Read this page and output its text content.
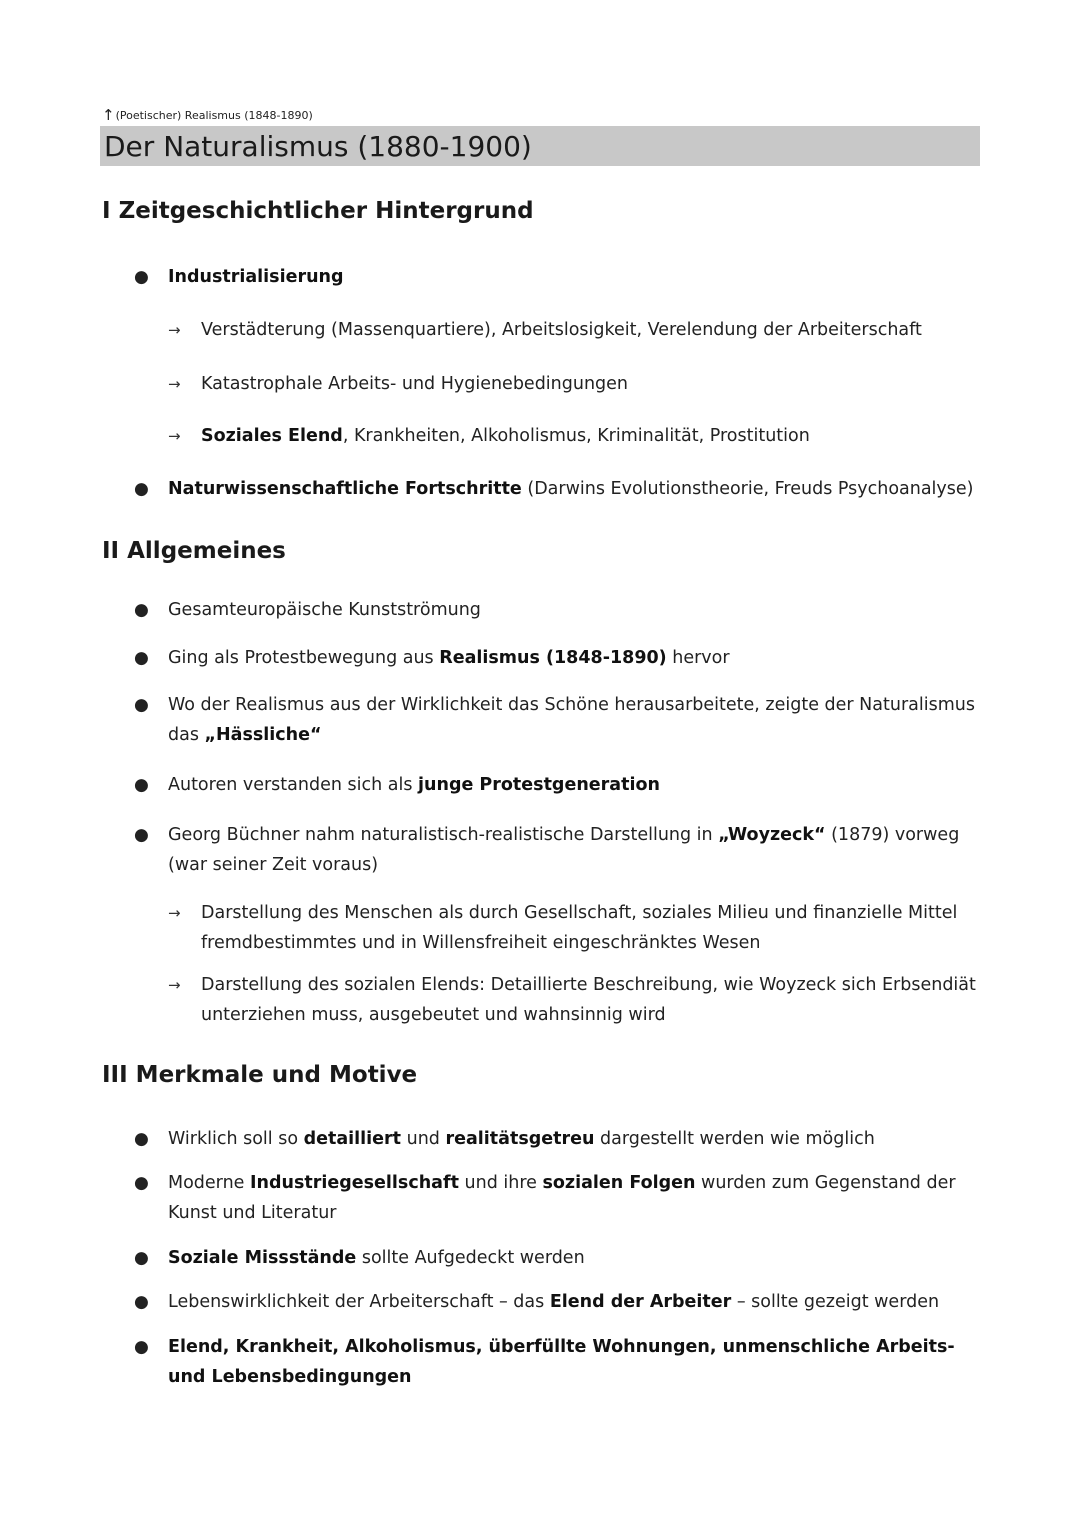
↑(Poetischer) Realismus (1848-1890)
Der Naturalismus (1880-1900)
I Zeitgeschichtlicher Hintergrund
● Industrialisierung
→ Verstädterung (Massenquartiere), Arbeitslosigkeit, Verelendung der Arbeiterschaft
→ Katastrophale Arbeits- und Hygienebedingungen
→ Soziales Elend, Krankheiten, Alkoholismus, Kriminalität, Prostitution
● Naturwissenschaftliche Fortschritte (Darwins Evolutionstheorie, Freuds Psychoanalyse)
II Allgemeines
● Gesamteuropäische Kunstströmung
● Ging als Protestbewegung aus Realismus (1848-1890) hervor
● Wo der Realismus aus der Wirklichkeit das Schöne herausarbeitete, zeigte der Naturalismus das „Hässliche“
● Autoren verstanden sich als junge Protestgeneration
● Georg Büchner nahm naturalistisch-realistische Darstellung in „Woyzeck“ (1879) vorweg (war seiner Zeit voraus)
→ Darstellung des Menschen als durch Gesellschaft, soziales Milieu und finanzielle Mittel fremdbestimmtes und in Willensfreiheit eingeschränktes Wesen
→ Darstellung des sozialen Elends: Detaillierte Beschreibung, wie Woyzeck sich Erbsendiät unterziehen muss, ausgebeutet und wahnsinnig wird
III Merkmale und Motive
● Wirklich soll so detailliert und realitätsgetreu dargestellt werden wie möglich
● Moderne Industriegesellschaft und ihre sozialen Folgen wurden zum Gegenstand der Kunst und Literatur
● Soziale Missstände sollte Aufgedeckt werden
● Lebenswirklichkeit der Arbeiterschaft – das Elend der Arbeiter – sollte gezeigt werden
● Elend, Krankheit, Alkoholismus, überfüllte Wohnungen, unmenschliche Arbeits- und Lebensbedingungen
